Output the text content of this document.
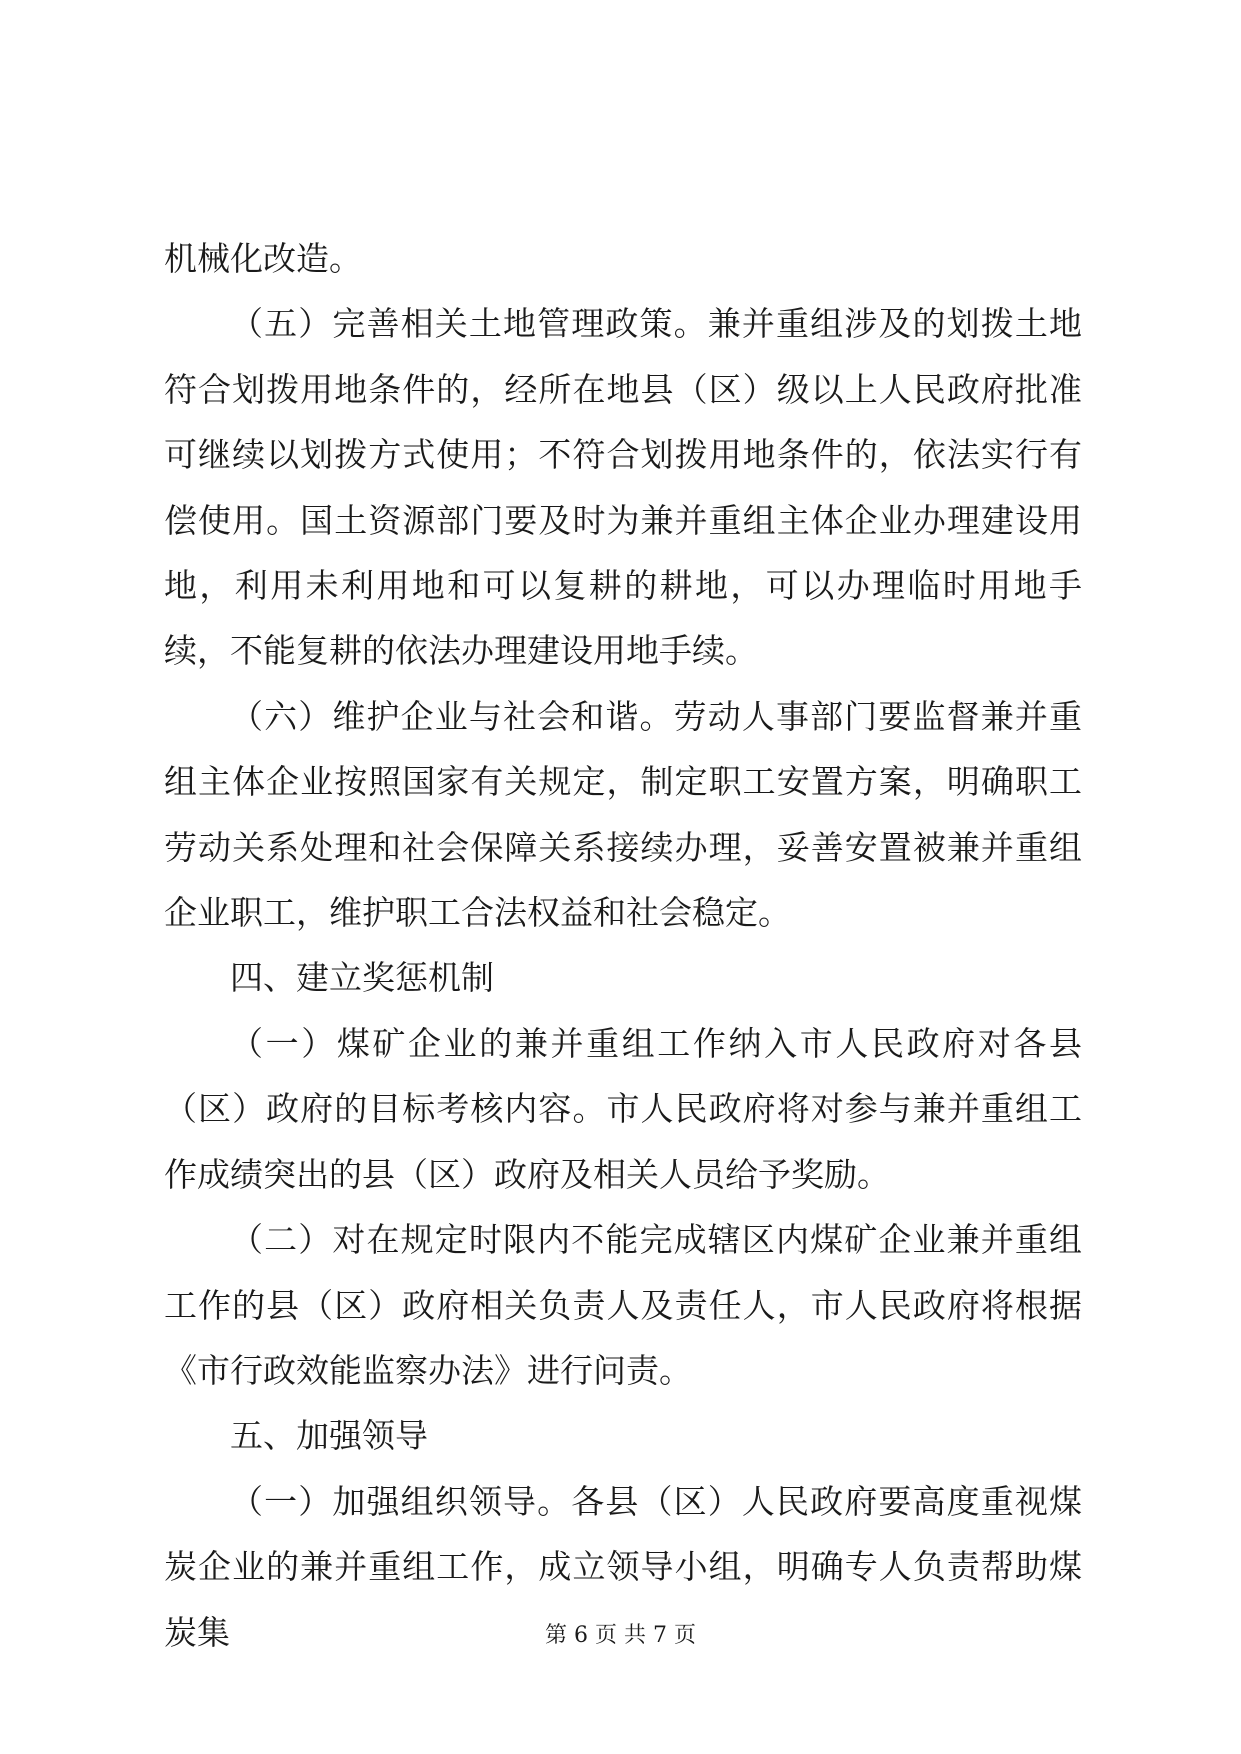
机械化改造。

（五）完善相关土地管理政策。兼并重组涉及的划拨土地符合划拨用地条件的，经所在地县（区）级以上人民政府批准可继续以划拨方式使用；不符合划拨用地条件的，依法实行有偿使用。国土资源部门要及时为兼并重组主体企业办理建设用地，利用未利用地和可以复耕的耕地，可以办理临时用地手续，不能复耕的依法办理建设用地手续。

（六）维护企业与社会和谐。劳动人事部门要监督兼并重组主体企业按照国家有关规定，制定职工安置方案，明确职工劳动关系处理和社会保障关系接续办理，妥善安置被兼并重组企业职工，维护职工合法权益和社会稳定。

四、建立奖惩机制

（一）煤矿企业的兼并重组工作纳入市人民政府对各县（区）政府的目标考核内容。市人民政府将对参与兼并重组工作成绩突出的县（区）政府及相关人员给予奖励。

（二）对在规定时限内不能完成辖区内煤矿企业兼并重组工作的县（区）政府相关负责人及责任人，市人民政府将根据《市行政效能监察办法》进行问责。

五、加强领导

（一）加强组织领导。各县（区）人民政府要高度重视煤炭企业的兼并重组工作，成立领导小组，明确专人负责帮助煤炭集	第 6 页 共 7 页
